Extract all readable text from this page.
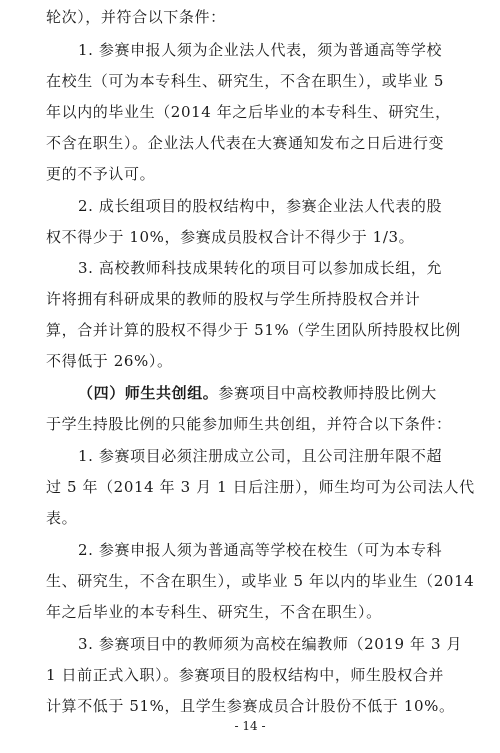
轮次），并符合以下条件：
1. 参赛申报人须为企业法人代表，须为普通高等学校
在校生（可为本专科生、研究生，不含在职生），或毕业 5
年以内的毕业生（2014 年之后毕业的本专科生、研究生，
不含在职生）。企业法人代表在大赛通知发布之日后进行变
更的不予认可。
2. 成长组项目的股权结构中，参赛企业法人代表的股
权不得少于 10%，参赛成员股权合计不得少于 1/3。
3. 高校教师科技成果转化的项目可以参加成长组，允
许将拥有科研成果的教师的股权与学生所持股权合并计
算，合并计算的股权不得少于 51%（学生团队所持股权比例
不得低于 26%）。
（四）师生共创组。参赛项目中高校教师持股比例大
于学生持股比例的只能参加师生共创组，并符合以下条件：
1. 参赛项目必须注册成立公司，且公司注册年限不超
过 5 年（2014 年 3 月 1 日后注册），师生均可为公司法人代
表。
2. 参赛申报人须为普通高等学校在校生（可为本专科
生、研究生，不含在职生），或毕业 5 年以内的毕业生（2014
年之后毕业的本专科生、研究生，不含在职生）。
3. 参赛项目中的教师须为高校在编教师（2019 年 3 月
1 日前正式入职）。参赛项目的股权结构中，师生股权合并
计算不低于 51%，且学生参赛成员合计股份不低于 10%。
- 14 -
